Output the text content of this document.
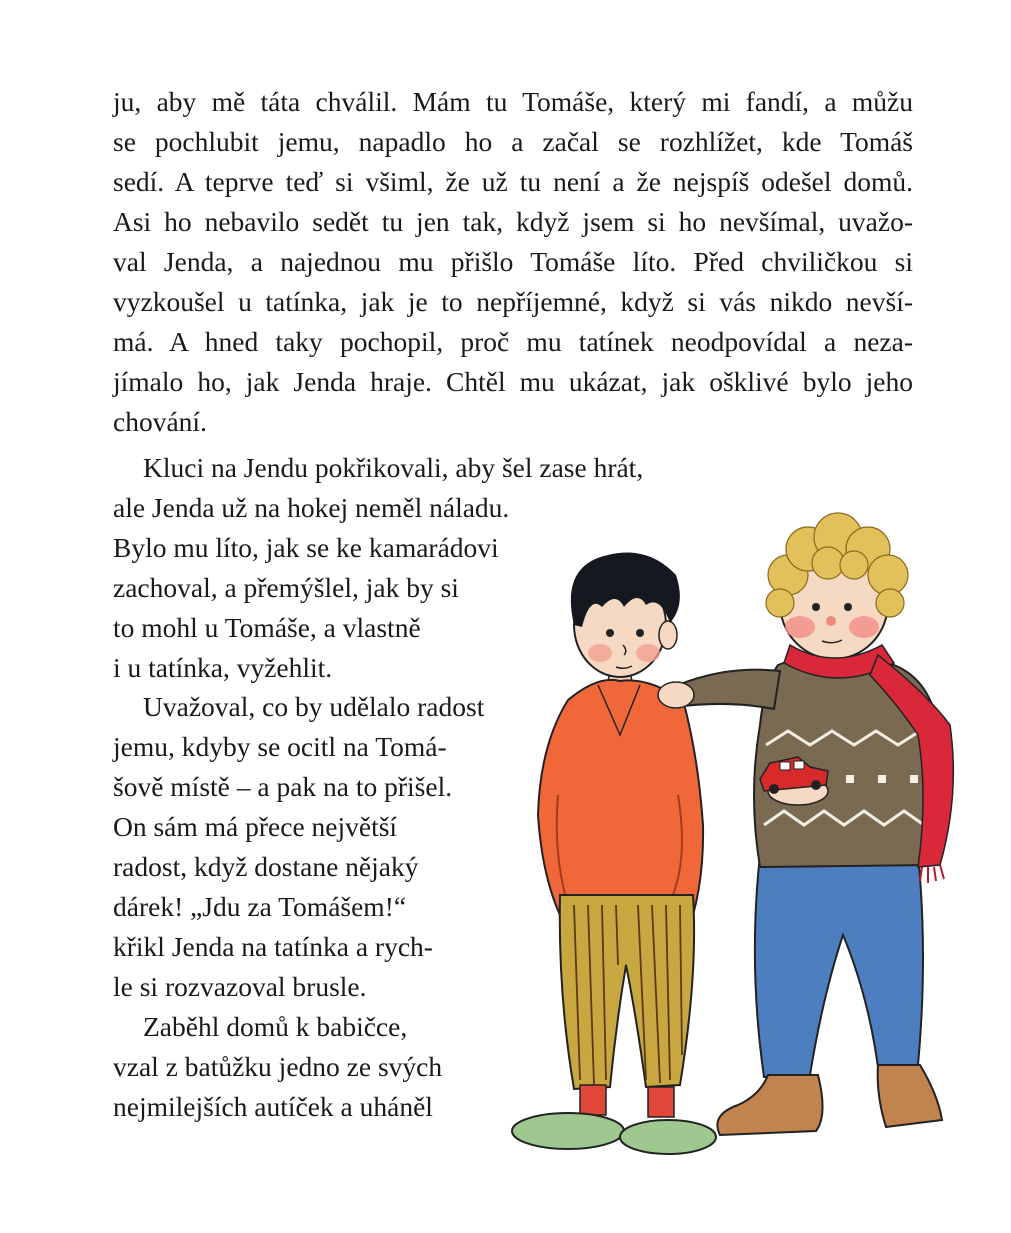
ju, aby mě táta chválil. Mám tu Tomáše, který mi fandí, a můžu
se pochlubit jemu, napadlo ho a začal se rozhlížet, kde Tomáš
sedí. A teprve teď si všiml, že už tu není a že nejspíš odešel domů.
Asi ho nebavilo sedět tu jen tak, když jsem si ho nevšímal, uvažo-
val Jenda, a najednou mu přišlo Tomáše líto. Před chviličkou si
vyzkoušel u tatínka, jak je to nepříjemné, když si vás nikdo nevší-
má. A hned taky pochopil, proč mu tatínek neodpovídal a neza-
jímalo ho, jak Jenda hraje. Chtěl mu ukázat, jak ošklivé bylo jeho
chování.
Kluci na Jendu pokřikovali, aby šel zase hrát,
ale Jenda už na hokej neměl náladu.
Bylo mu líto, jak se ke kamarádovi
zachoval, a přemýšlel, jak by si
to mohl u Tomáše, a vlastně
i u tatínka, vyžehlit.
Uvažoval, co by udělalo radost
jemu, kdyby se ocitl na Tomá-
šově místě – a pak na to přišel.
On sám má přece největší
radost, když dostane nějaký
dárek! „Jdu za Tomášem!“
křikl Jenda na tatínka a rych-
le si rozvazoval brusle.
Zaběhl domů k babičce,
vzal z batůžku jedno ze svých
nejmilejších autíček a uháněl
